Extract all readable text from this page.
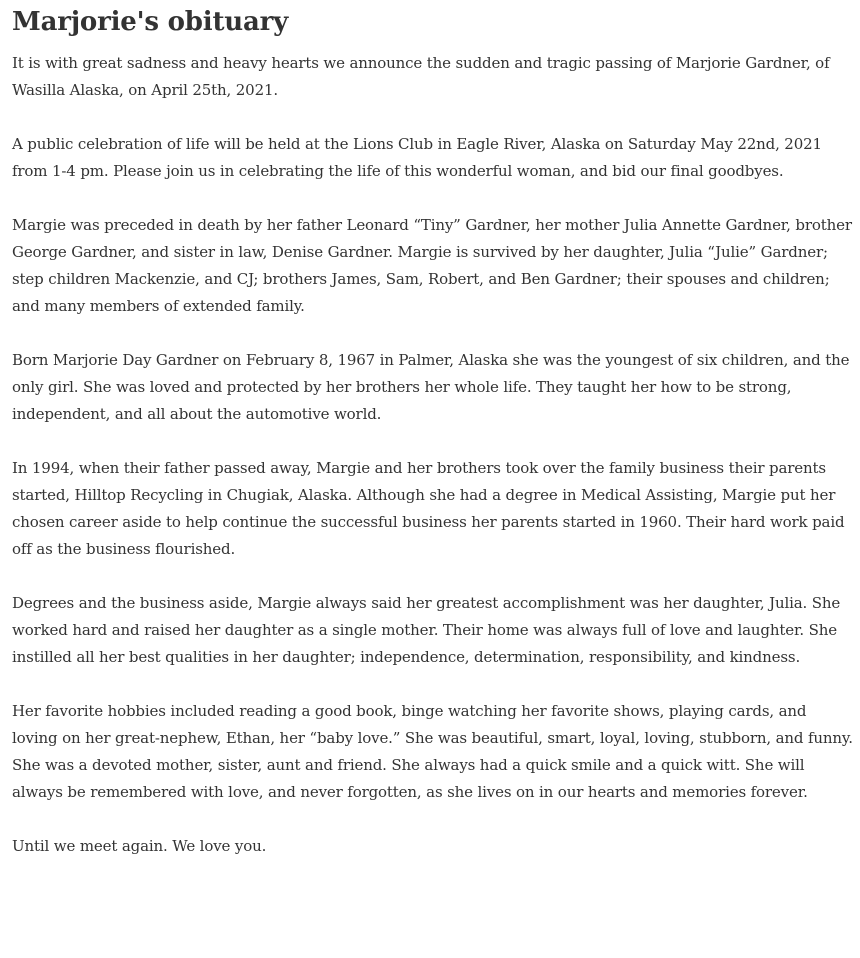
Marjorie's obituary

It is with great sadness and heavy hearts we announce the sudden and tragic passing of Marjorie Gardner, of Wasilla Alaska, on April 25th, 2021.

A public celebration of life will be held at the Lions Club in Eagle River, Alaska on Saturday May 22nd, 2021 from 1-4 pm. Please join us in celebrating the life of this wonderful woman, and bid our final goodbyes.

Margie was preceded in death by her father Leonard “Tiny” Gardner, her mother Julia Annette Gardner, brother George Gardner, and sister in law, Denise Gardner. Margie is survived by her daughter, Julia “Julie” Gardner; step children Mackenzie, and CJ; brothers James, Sam, Robert, and Ben Gardner; their spouses and children; and many members of extended family.

Born Marjorie Day Gardner on February 8, 1967 in Palmer, Alaska she was the youngest of six children, and the only girl. She was loved and protected by her brothers her whole life. They taught her how to be strong, independent, and all about the automotive world.

In 1994, when their father passed away, Margie and her brothers took over the family business their parents started, Hilltop Recycling in Chugiak, Alaska. Although she had a degree in Medical Assisting, Margie put her chosen career aside to help continue the successful business her parents started in 1960. Their hard work paid off as the business flourished.

Degrees and the business aside, Margie always said her greatest accomplishment was her daughter, Julia. She worked hard and raised her daughter as a single mother. Their home was always full of love and laughter. She instilled all her best qualities in her daughter; independence, determination, responsibility, and kindness.

Her favorite hobbies included reading a good book, binge watching her favorite shows, playing cards, and loving on her great-nephew, Ethan, her “baby love.” She was beautiful, smart, loyal, loving, stubborn, and funny. She was a devoted mother, sister, aunt and friend. She always had a quick smile and a quick witt. She will always be remembered with love, and never forgotten, as she lives on in our hearts and memories forever.

Until we meet again. We love you.
